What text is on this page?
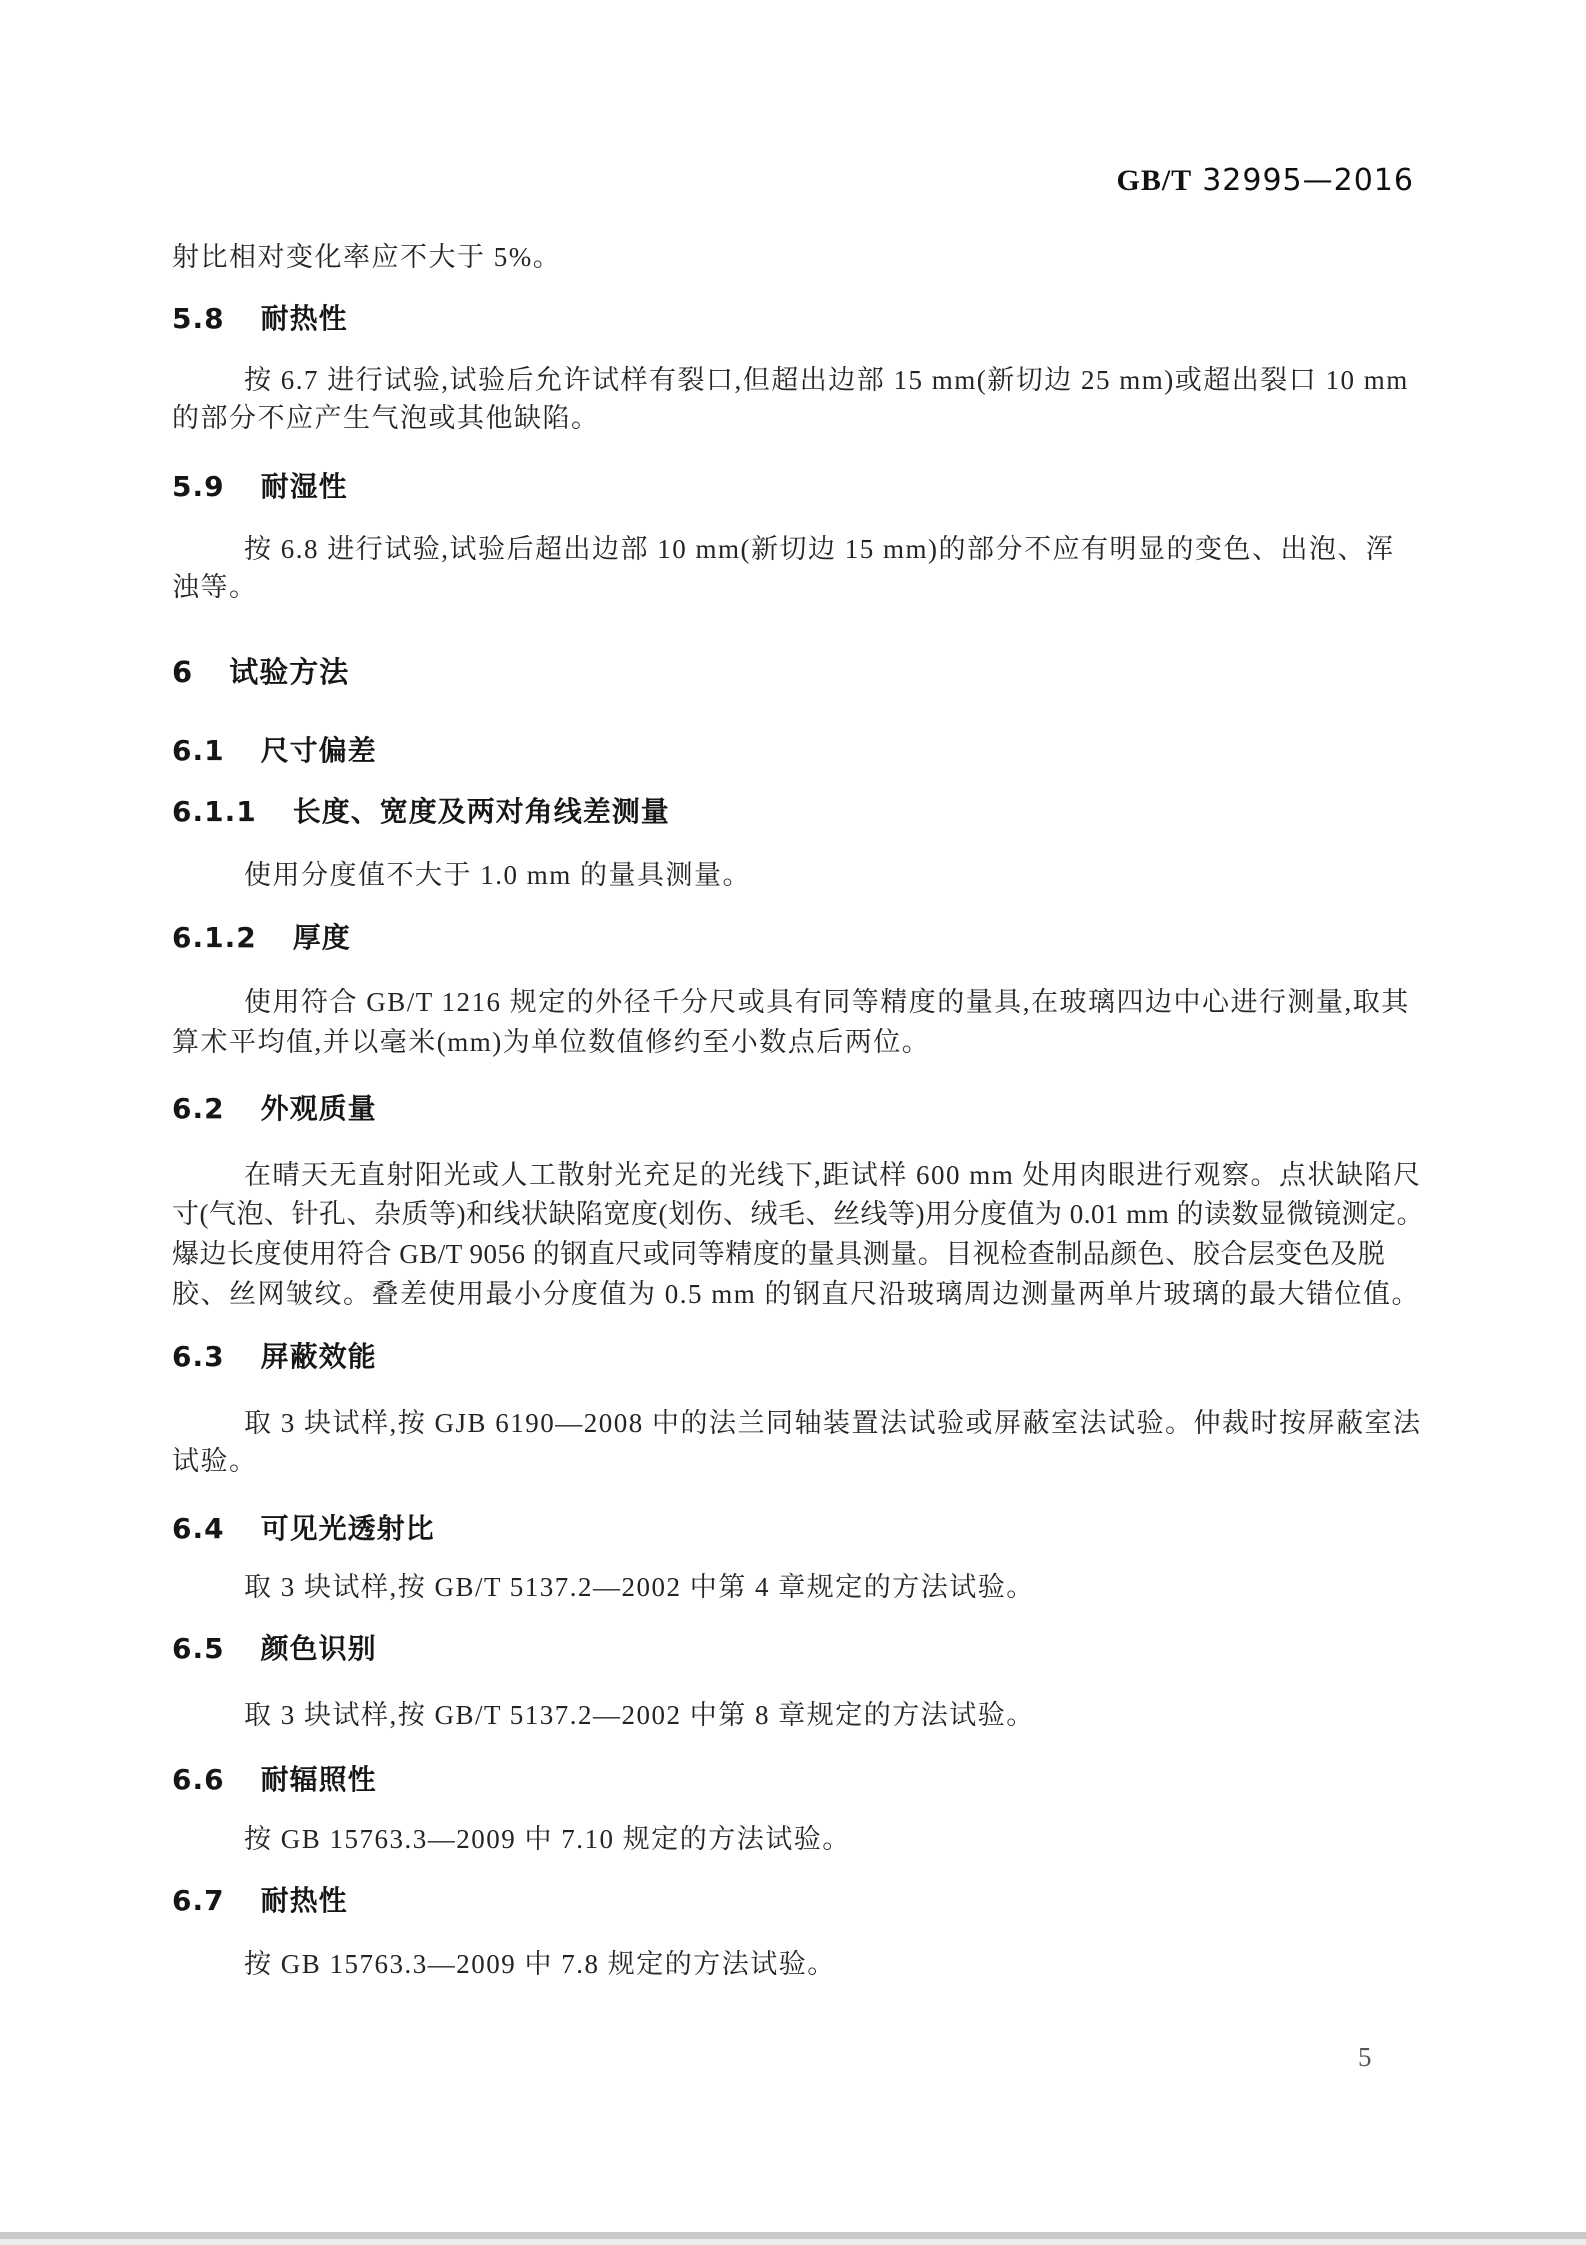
GB/T 32995—2016
射比相对变化率应不大于 5%。
5.8 耐热性
按 6.7 进行试验,试验后允许试样有裂口,但超出边部 15 mm(新切边 25 mm)或超出裂口 10 mm
的部分不应产生气泡或其他缺陷。
5.9 耐湿性
按 6.8 进行试验,试验后超出边部 10 mm(新切边 15 mm)的部分不应有明显的变色、出泡、浑
浊等。
6 试验方法
6.1 尺寸偏差
6.1.1 长度、宽度及两对角线差测量
使用分度值不大于 1.0 mm 的量具测量。
6.1.2 厚度
使用符合 GB/T 1216 规定的外径千分尺或具有同等精度的量具,在玻璃四边中心进行测量,取其
算术平均值,并以毫米(mm)为单位数值修约至小数点后两位。
6.2 外观质量
在晴天无直射阳光或人工散射光充足的光线下,距试样 600 mm 处用肉眼进行观察。点状缺陷尺
寸(气泡、针孔、杂质等)和线状缺陷宽度(划伤、绒毛、丝线等)用分度值为 0.01 mm 的读数显微镜测定。
爆边长度使用符合 GB/T 9056 的钢直尺或同等精度的量具测量。目视检查制品颜色、胶合层变色及脱
胶、丝网皱纹。叠差使用最小分度值为 0.5 mm 的钢直尺沿玻璃周边测量两单片玻璃的最大错位值。
6.3 屏蔽效能
取 3 块试样,按 GJB 6190—2008 中的法兰同轴装置法试验或屏蔽室法试验。仲裁时按屏蔽室法
试验。
6.4 可见光透射比
取 3 块试样,按 GB/T 5137.2—2002 中第 4 章规定的方法试验。
6.5 颜色识别
取 3 块试样,按 GB/T 5137.2—2002 中第 8 章规定的方法试验。
6.6 耐辐照性
按 GB 15763.3—2009 中 7.10 规定的方法试验。
6.7 耐热性
按 GB 15763.3—2009 中 7.8 规定的方法试验。
5
